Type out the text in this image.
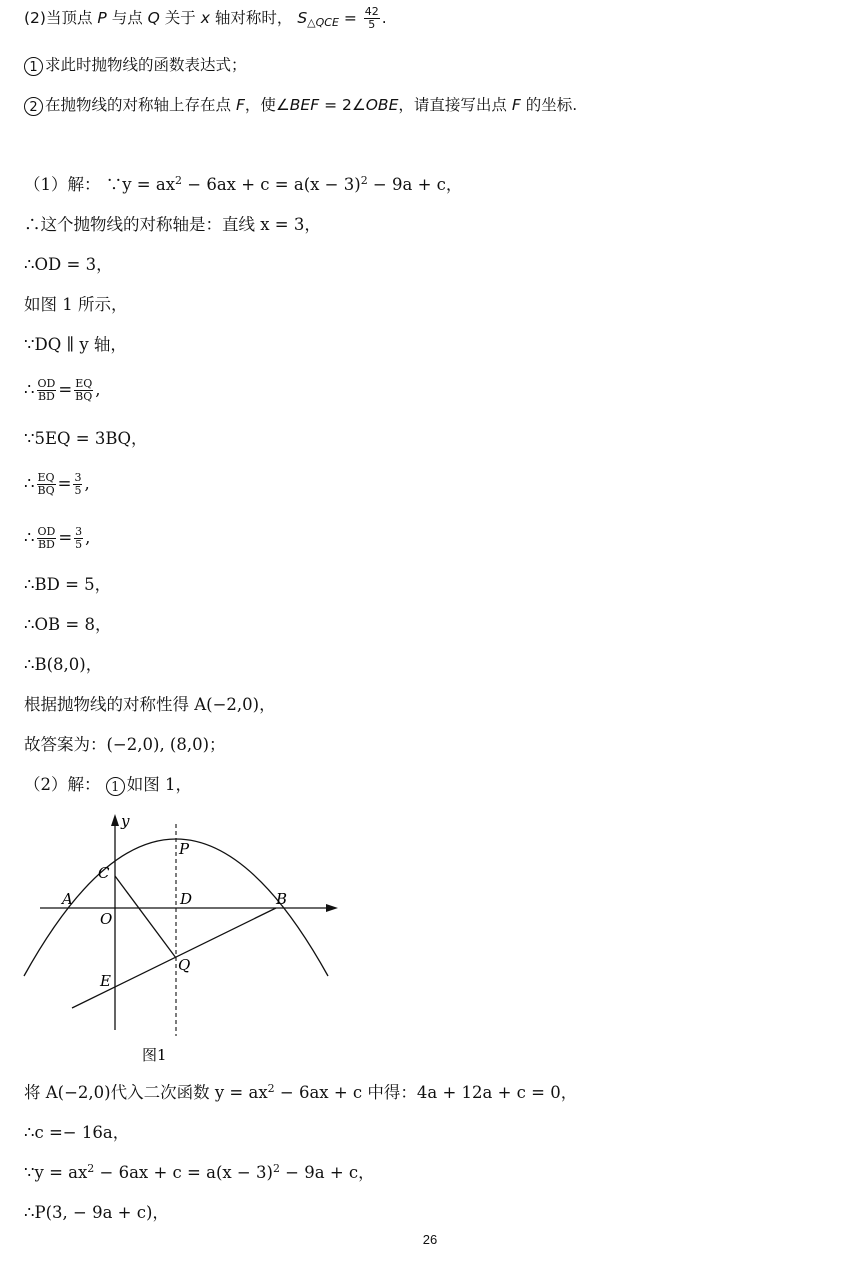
(2)当顶点 P 与点 Q 关于 x 轴对称时， $S_{\triangle QCE} = \frac{42}{5}$ .
1 求此时抛物线的函数表达式；
2 在抛物线的对称轴上存在点 F，使∠BEF = 2∠OBE，请直接写出点 F 的坐标.
（1）解： ∵y = $ax^2 - 6ax + c = a(x - 3)^2 - 9a + c$，
∴这个抛物线的对称轴是：直线 x = 3，
∴OD = 3，
如图 1 所示，
∵DQ ∥ y 轴，
∴ $\frac{OD}{BD} = \frac{EQ}{BQ}$ ,
∵5EQ = 3BQ，
∴ $\frac{EQ}{BQ} = \frac{3}{5}$ ,
∴ $\frac{OD}{BD} = \frac{3}{5}$ ,
∴BD = 5，
∴OB = 8，
∴B(8,0)，
根据抛物线的对称性得 A(−2,0)，
故答案为：(−2,0), (8,0)；
（2）解： 1 如图 1，
y
C
P
A
O
D	B
Q
E
图1
将 A(−2,0)代入二次函数 $y = ax^2 - 6ax + c$ 中得：4a + 12a + c = 0，
∴c =− 16a，
∵y = $ax^2 - 6ax + c = a(x - 3)^2 - 9a + c$，
∴P(3, − 9a + c)，
26
